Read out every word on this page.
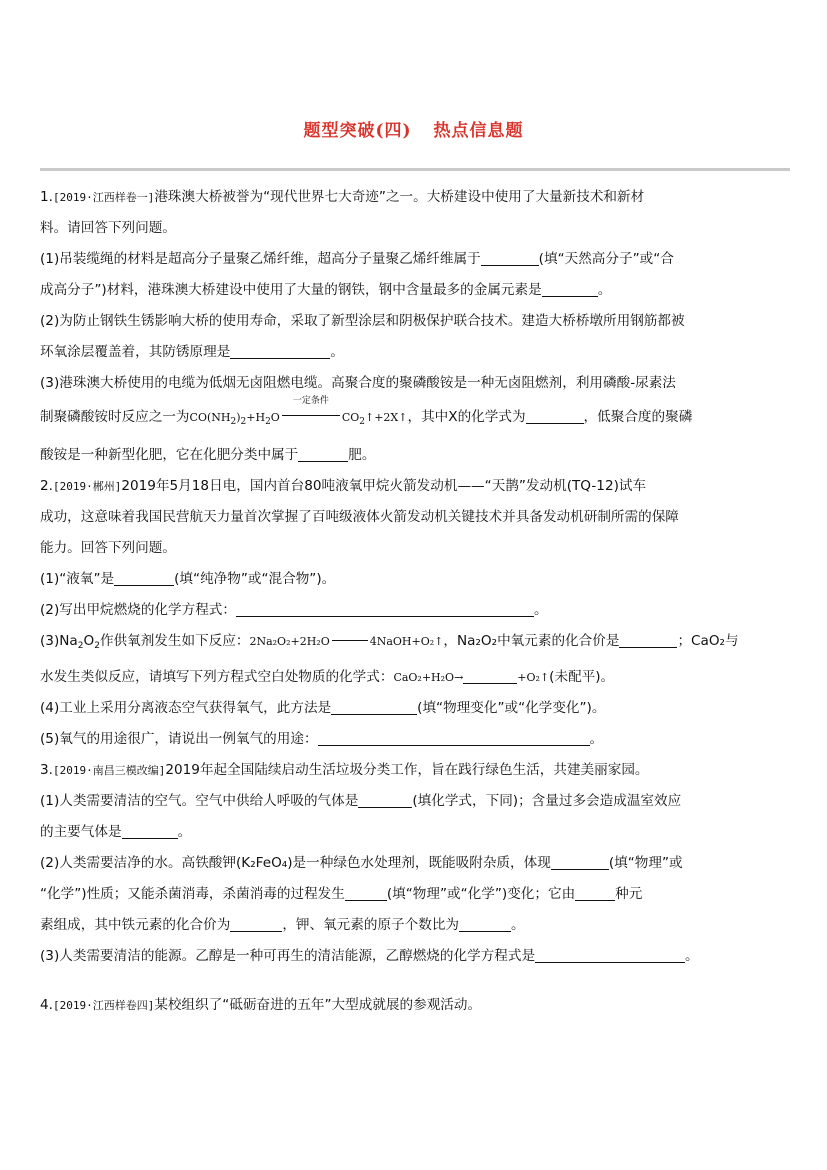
题型突破(四) 热点信息题

1.[2019·江西样卷一]港珠澳大桥被誉为“现代世界七大奇迹”之一。大桥建设中使用了大量新技术和新材

料。请回答下列问题。

(1)吊装缆绳的材料是超高分子量聚乙烯纤维，超高分子量聚乙烯纤维属于	(填“天然高分子”或“合

成高分子”)材料，港珠澳大桥建设中使用了大量的钢铁，钢中含量最多的金属元素是	。

(2)为防止钢铁生锈影响大桥的使用寿命，采取了新型涂层和阴极保护联合技术。建造大桥桥墩所用钢筋都被

环氧涂层覆盖着，其防锈原理是	。

(3)港珠澳大桥使用的电缆为低烟无卤阻燃电缆。高聚合度的聚磷酸铵是一种无卤阻燃剂，利用磷酸-尿素法

制聚磷酸铵时反应之一为$CO(NH_2)_2+H_2O$
一定条件
$CO_2↑+2X↑$，其中X的化学式为	，低聚合度的聚磷

酸铵是一种新型化肥，它在化肥分类中属于	肥。

2.[2019·郴州]2019年5月18日电，国内首台80吨液氧甲烷火箭发动机——“天鹊”发动机(TQ-12)试车

成功，这意味着我国民营航天力量首次掌握了百吨级液体火箭发动机关键技术并具备发动机研制所需的保障

能力。回答下列问题。

(1)“液氧”是	(填“纯净物”或“混合物”)。

(2)写出甲烷燃烧的化学方程式：	。

$(3)Na_2O_2$作供氧剂发生如下反应：2Na₂O₂+2H₂O	4NaOH+O₂↑，Na₂O₂中氧元素的化合价是	；CaO₂与

水发生类似反应，请填写下列方程式空白处物质的化学式：CaO₂+H₂O→	+O₂↑(未配平)。

(4)工业上采用分离液态空气获得氧气，此方法是	(填“物理变化”或“化学变化”)。

(5)氧气的用途很广，请说出一例氧气的用途：	。

3.[2019·南昌三模改编]2019年起全国陆续启动生活垃圾分类工作，旨在践行绿色生活，共建美丽家园。

(1)人类需要清洁的空气。空气中供给人呼吸的气体是	(填化学式，下同)；含量过多会造成温室效应

的主要气体是	。

(2)人类需要洁净的水。高铁酸钾(K₂FeO₄)是一种绿色水处理剂，既能吸附杂质，体现	(填“物理”或

“化学”)性质；又能杀菌消毒，杀菌消毒的过程发生	(填“物理”或“化学”)变化；它由	种元

素组成，其中铁元素的化合价为	，钾、氧元素的原子个数比为	。

(3)人类需要清洁的能源。乙醇是一种可再生的清洁能源，乙醇燃烧的化学方程式是	。

4.[2019·江西样卷四]某校组织了“砥砺奋进的五年”大型成就展的参观活动。
